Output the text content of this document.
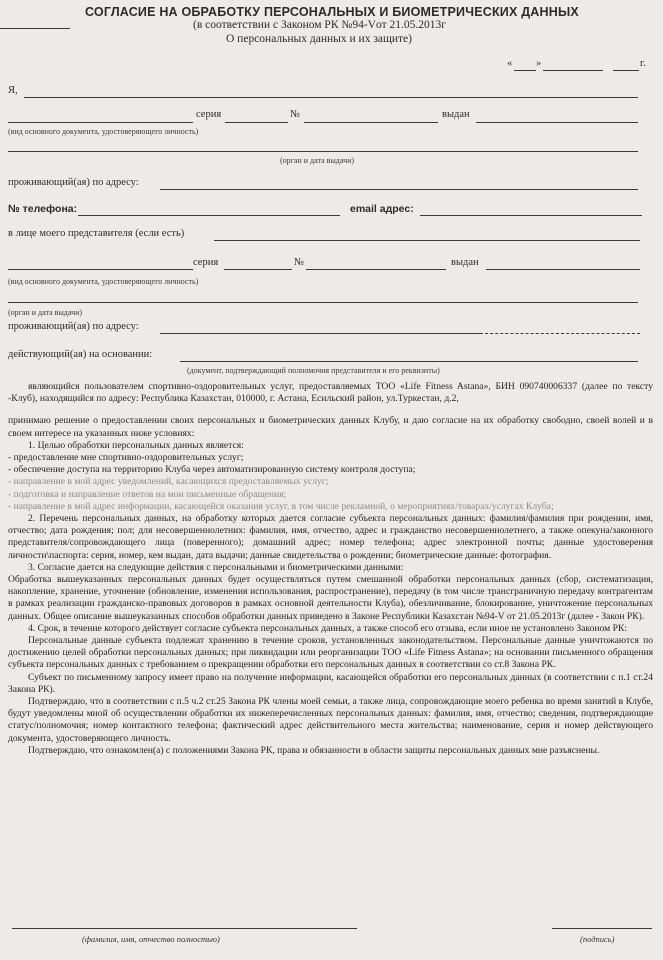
СОГЛАСИЕ НА ОБРАБОТКУ ПЕРСОНАЛЬНЫХ И БИОМЕТРИЧЕСКИХ ДАННЫХ
(в соответствии с Законом РК №94-Vот 21.05.2013г
О персональных данных и их защите)
« »	г.
Я,
серия	№	выдан
(вид основного документа, удостоверяющего личность)
(орган и дата выдачи)
проживающий(ая) по адресу:
№ телефона:	email адрес:
в лице моего представителя (если есть)
серия	№	выдан
(вид основного документа, удостоверяющего личность)
(орган и дата выдачи)
проживающий(ая) по адресу:
действующий(ая) на основании:
(документ, подтверждающий полномочия представителя и его реквизиты)

являющийся пользователем спортивно-оздоровительных услуг, предоставляемых ТОО «Life Fitness Astana», БИН 090740006337 (далее по тексту -Клуб), находящийся по адресу: Республика Казахстан, 010000, г. Астана, Есильский район, ул.Туркестан, д.2,

принимаю решение о предоставлении своих персональных и биометрических данных Клубу, и даю согласие на их обработку свободно, своей волей и в своем интересе на указанных ниже условиях:

1. Целью обработки персональных данных является:

- предоставление мне спортивно-оздоровительных услуг;

- обеспечение доступа на территорию Клуба через автоматизированную систему контроля доступа;

- направление в мой адрес уведомлений, касающихся предоставляемых услуг;

- подготовка и направление ответов на мои письменные обращения;

- направление в мой адрес информации, касающейся оказания услуг, в том числе рекламной, о мероприятиях/товарах/услугах Клуба;

2. Перечень персональных данных, на обработку которых дается согласие субъекта персональных данных: фамилия/фамилия при рождении, имя, отчество; дата рождения; пол; для несовершеннолетних: фамилия, имя, отчество, адрес и гражданство несовершеннолетнего, а также опекуна/законного представителя/сопровождающего лица (поверенного); домашний адрес; номер телефона; адрес электронной почты; данные удостоверения личности\паспорта: серия, номер, кем выдан, дата выдачи; данные свидетельства о рождении; биометрические данные: фотография.

3. Согласие дается на следующие действия с персональными и биометрическими данными:

Обработка вышеуказанных персональных данных будет осуществляться путем смешанной обработки персональных данных (сбор, систематизация, накопление, хранение, уточнение (обновление, изменения использования, распространение), передачу (в том числе трансграничную передачу контрагентам в рамках реализации гражданско-правовых договоров в рамках основной деятельности Клуба), обезличивание, блокирование, уничтожение персональных данных. Общее описание вышеуказанных способов обработки данных приведено в Законе Республики Казахстан №94-V от 21.05.2013г (далее - Закон РК).

4. Срок, в течение которого действует согласие субъекта персональных данных, а также способ его отзыва, если иное не установлено Законом РК:

Персональные данные субъекта подлежат хранению в течение сроков, установленных законодательством. Персональные данные уничтожаются по достижению целей обработки персональных данных; при ликвидации или реорганизации ТОО «Life Fitness Astana»; на основании письменного обращения субъекта персональных данных с требованием о прекращении обработки его персональных данных в соответствии со ст.8 Закона РК.

Субъект по письменному запросу имеет право на получение информации, касающейся обработки его персональных данных (в соответствии с п.1 ст.24 Закона РК).

Подтверждаю, что в соответствии с п.5 ч.2 ст.25 Закона РК члены моей семьи, а также лица, сопровождающие моего ребенка во время занятий в Клубе, будут уведомлены мной об осуществлении обработки их нижеперечисленных персональных данных: фамилия, имя, отчество; сведения, подтверждающие статус/полномочия; номер контактного телефона; фактический адрес действительного места жительства; наименование, серия и номер действующего документа, удостоверяющего личность.

Подтверждаю, что ознакомлен(а) с положениями Закона РК, права и обязанности в области защиты персональных данных мне разъяснены.

(фамилия, имя, отчество полностью)	(подпись)
